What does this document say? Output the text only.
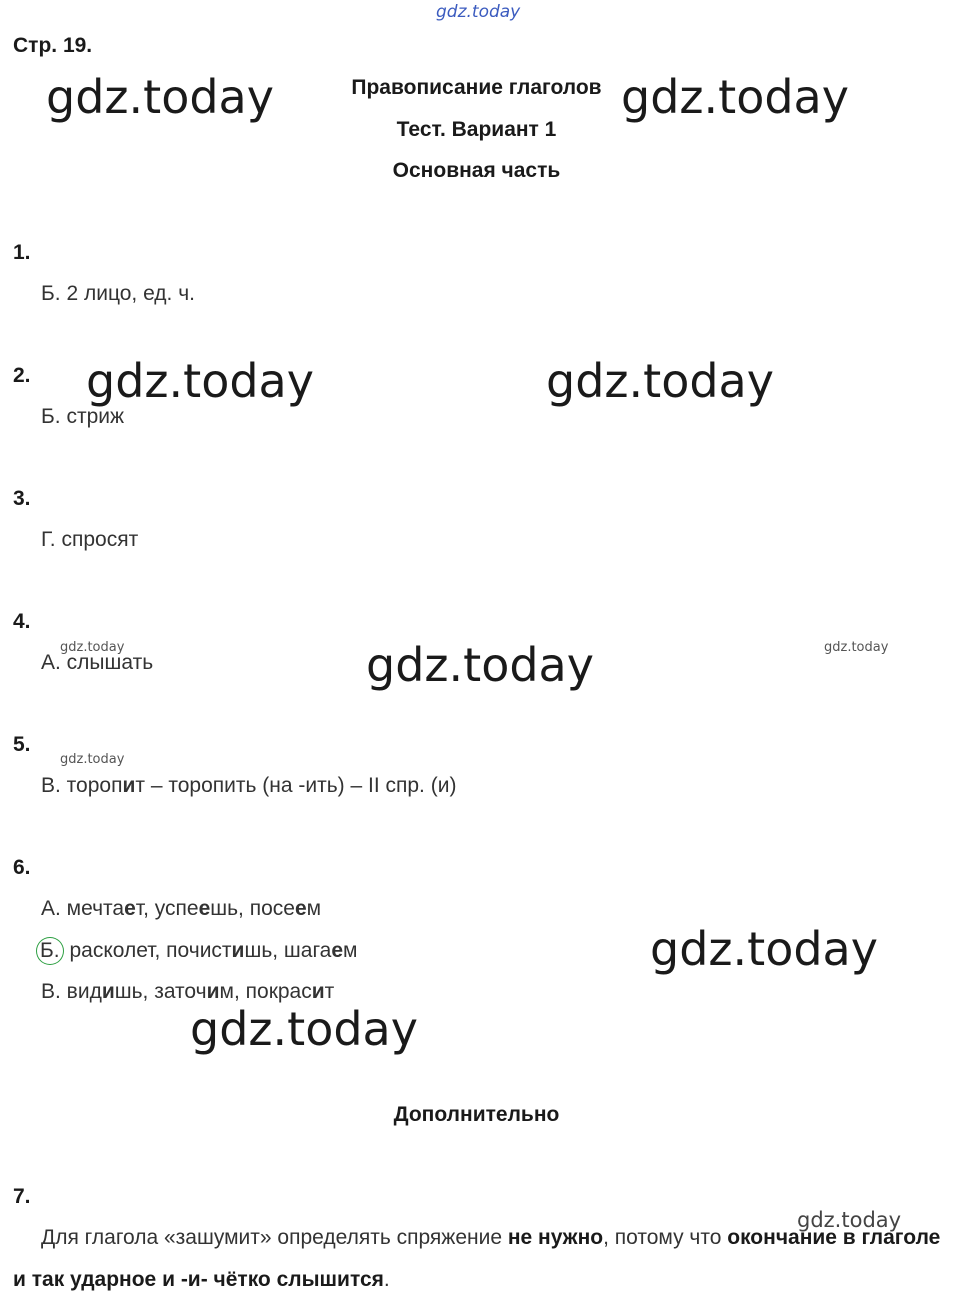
gdz.today
Стр. 19.
Правописание глаголов
Тест. Вариант 1
Основная часть
gdz.today	gdz.today
gdz.today	gdz.today
gdz.today
gdz.today
gdz.today
gdz.today	gdz.today
gdz.today
gdz.today
1.
Б. 2 лицо, ед. ч.
2.
Б. стриж
3.
Г. спросят
4.
А. слышать
5.
В. торопит – торопить (на -ить) – II спр. (и)
6.
А. мечтает, успеешь, посеем
Б. расколет, почистишь, шагаем
В. видишь, заточим, покрасит
Дополнительно
7.
Для глагола «зашумит» определять спряжение не нужно, потому что окончание в глаголе и так ударное и -и- чётко слышится.
